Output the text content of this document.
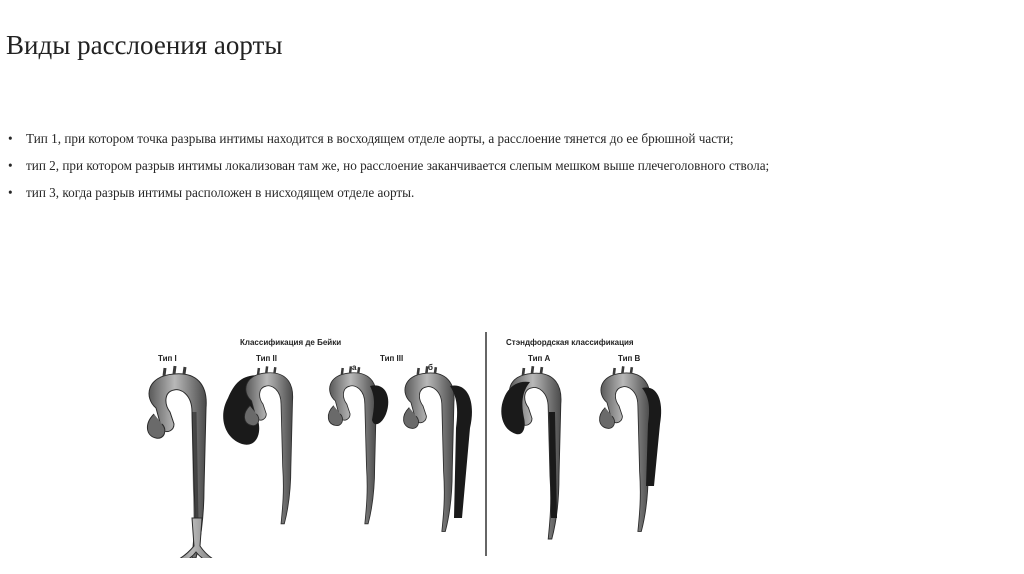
Виды расслоения аорты
•	Тип 1, при котором точка разрыва интимы находится в восходящем отделе аорты, а расслоение тянется до ее брюшной части;
•	тип 2, при котором разрыв интимы локализован там же, но расслоение заканчивается слепым мешком выше плечеголовного ствола;
•	тип 3, когда разрыв интимы расположен в нисходящем отделе аорты.
Классификация де Бейки	Стэндфордская классификация
Тип I	Тип II
а
Тип III
б
Тип А	Тип В
